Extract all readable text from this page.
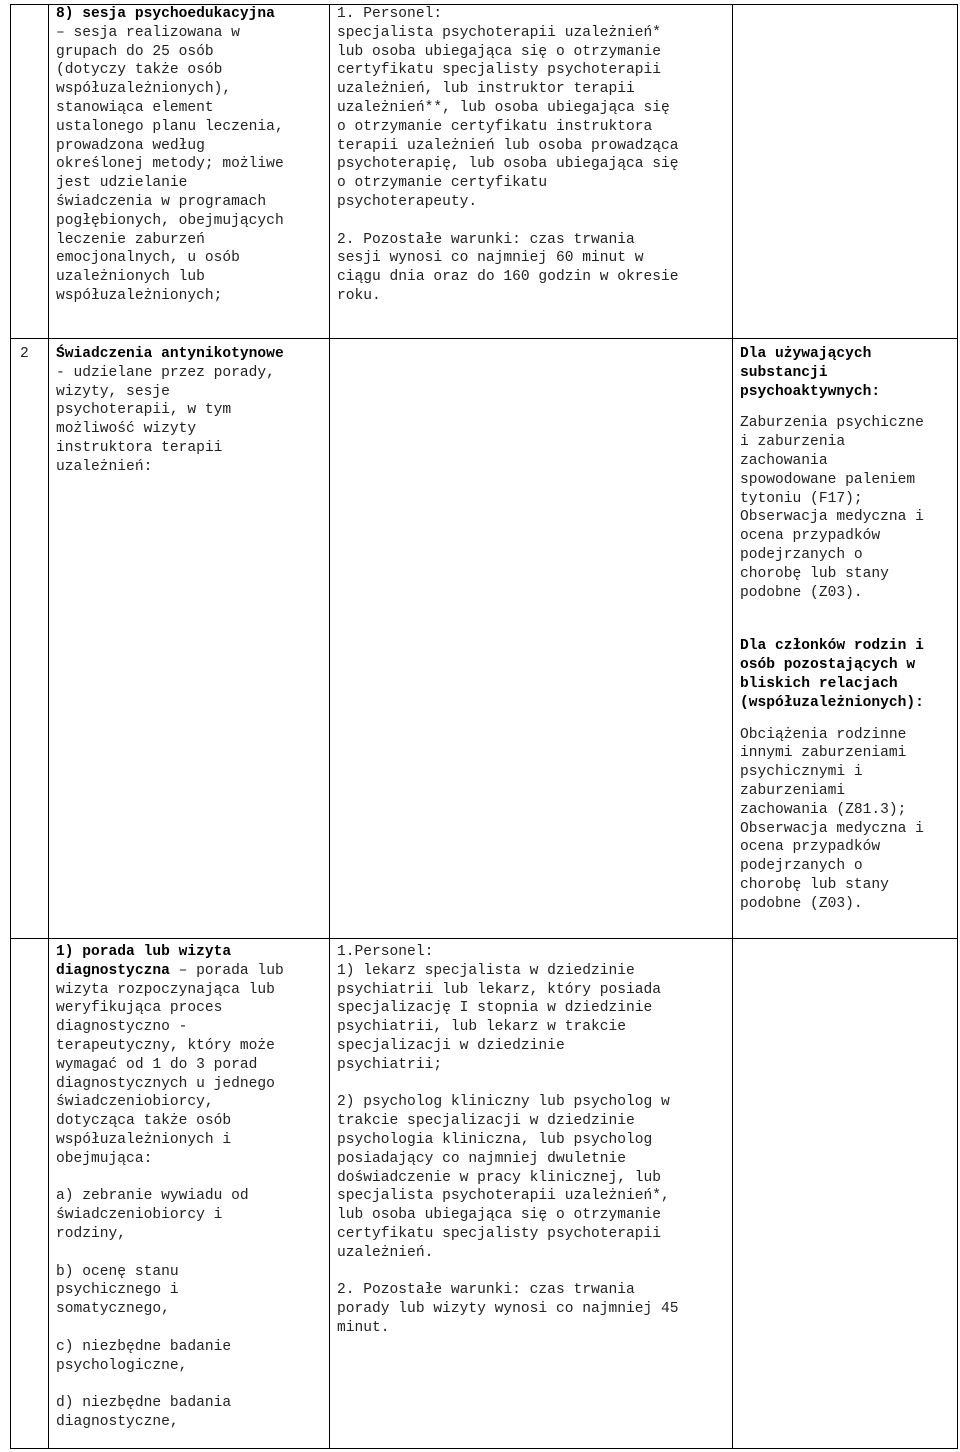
8) sesja psychoedukacyjna

– sesja realizowana w

grupach do 25 osób

(dotyczy także osób

współuzależnionych),

stanowiąca element

ustalonego planu leczenia,

prowadzona według

określonej metody; możliwe

jest udzielanie

świadczenia w programach

pogłębionych, obejmujących

leczenie zaburzeń

emocjonalnych, u osób

uzależnionych lub

współuzależnionych;

1. Personel:

specjalista psychoterapii uzależnień*

lub osoba ubiegająca się o otrzymanie

certyfikatu specjalisty psychoterapii

uzależnień, lub instruktor terapii

uzależnień**, lub osoba ubiegająca się

o otrzymanie certyfikatu instruktora

terapii uzależnień lub osoba prowadząca

psychoterapię, lub osoba ubiegająca się

o otrzymanie certyfikatu

psychoterapeuty.

2. Pozostałe warunki: czas trwania

sesji wynosi co najmniej 60 minut w

ciągu dnia oraz do 160 godzin w okresie

roku.

2 Świadczenia antynikotynowe

- udzielane przez porady,

wizyty, sesje

psychoterapii, w tym

możliwość wizyty

instruktora terapii

uzależnień:

Dla używających

substancji

psychoaktywnych:

Zaburzenia psychiczne

i zaburzenia

zachowania

spowodowane paleniem

tytoniu (F17);

Obserwacja medyczna i

ocena przypadków

podejrzanych o

chorobę lub stany

podobne (Z03).

Dla członków rodzin i

osób pozostających w

bliskich relacjach

(współuzależnionych):

Obciążenia rodzinne

innymi zaburzeniami

psychicznymi i

zaburzeniami

zachowania (Z81.3);

Obserwacja medyczna i

ocena przypadków

podejrzanych o

chorobę lub stany

podobne (Z03).

1) porada lub wizyta

diagnostyczna – porada lub

wizyta rozpoczynająca lub

weryfikująca proces

diagnostyczno -

terapeutyczny, który może

wymagać od 1 do 3 porad

diagnostycznych u jednego

świadczeniobiorcy,

dotycząca także osób

współuzależnionych i

obejmująca:

a) zebranie wywiadu od

świadczeniobiorcy i

rodziny,

b) ocenę stanu

psychicznego i

somatycznego,

c) niezbędne badanie

psychologiczne,

d) niezbędne badania

diagnostyczne,

1.Personel:

1) lekarz specjalista w dziedzinie

psychiatrii lub lekarz, który posiada

specjalizację I stopnia w dziedzinie

psychiatrii, lub lekarz w trakcie

specjalizacji w dziedzinie

psychiatrii;

2) psycholog kliniczny lub psycholog w

trakcie specjalizacji w dziedzinie

psychologia kliniczna, lub psycholog

posiadający co najmniej dwuletnie

doświadczenie w pracy klinicznej, lub

specjalista psychoterapii uzależnień*,

lub osoba ubiegająca się o otrzymanie

certyfikatu specjalisty psychoterapii

uzależnień.

2. Pozostałe warunki: czas trwania

porady lub wizyty wynosi co najmniej 45

minut.
